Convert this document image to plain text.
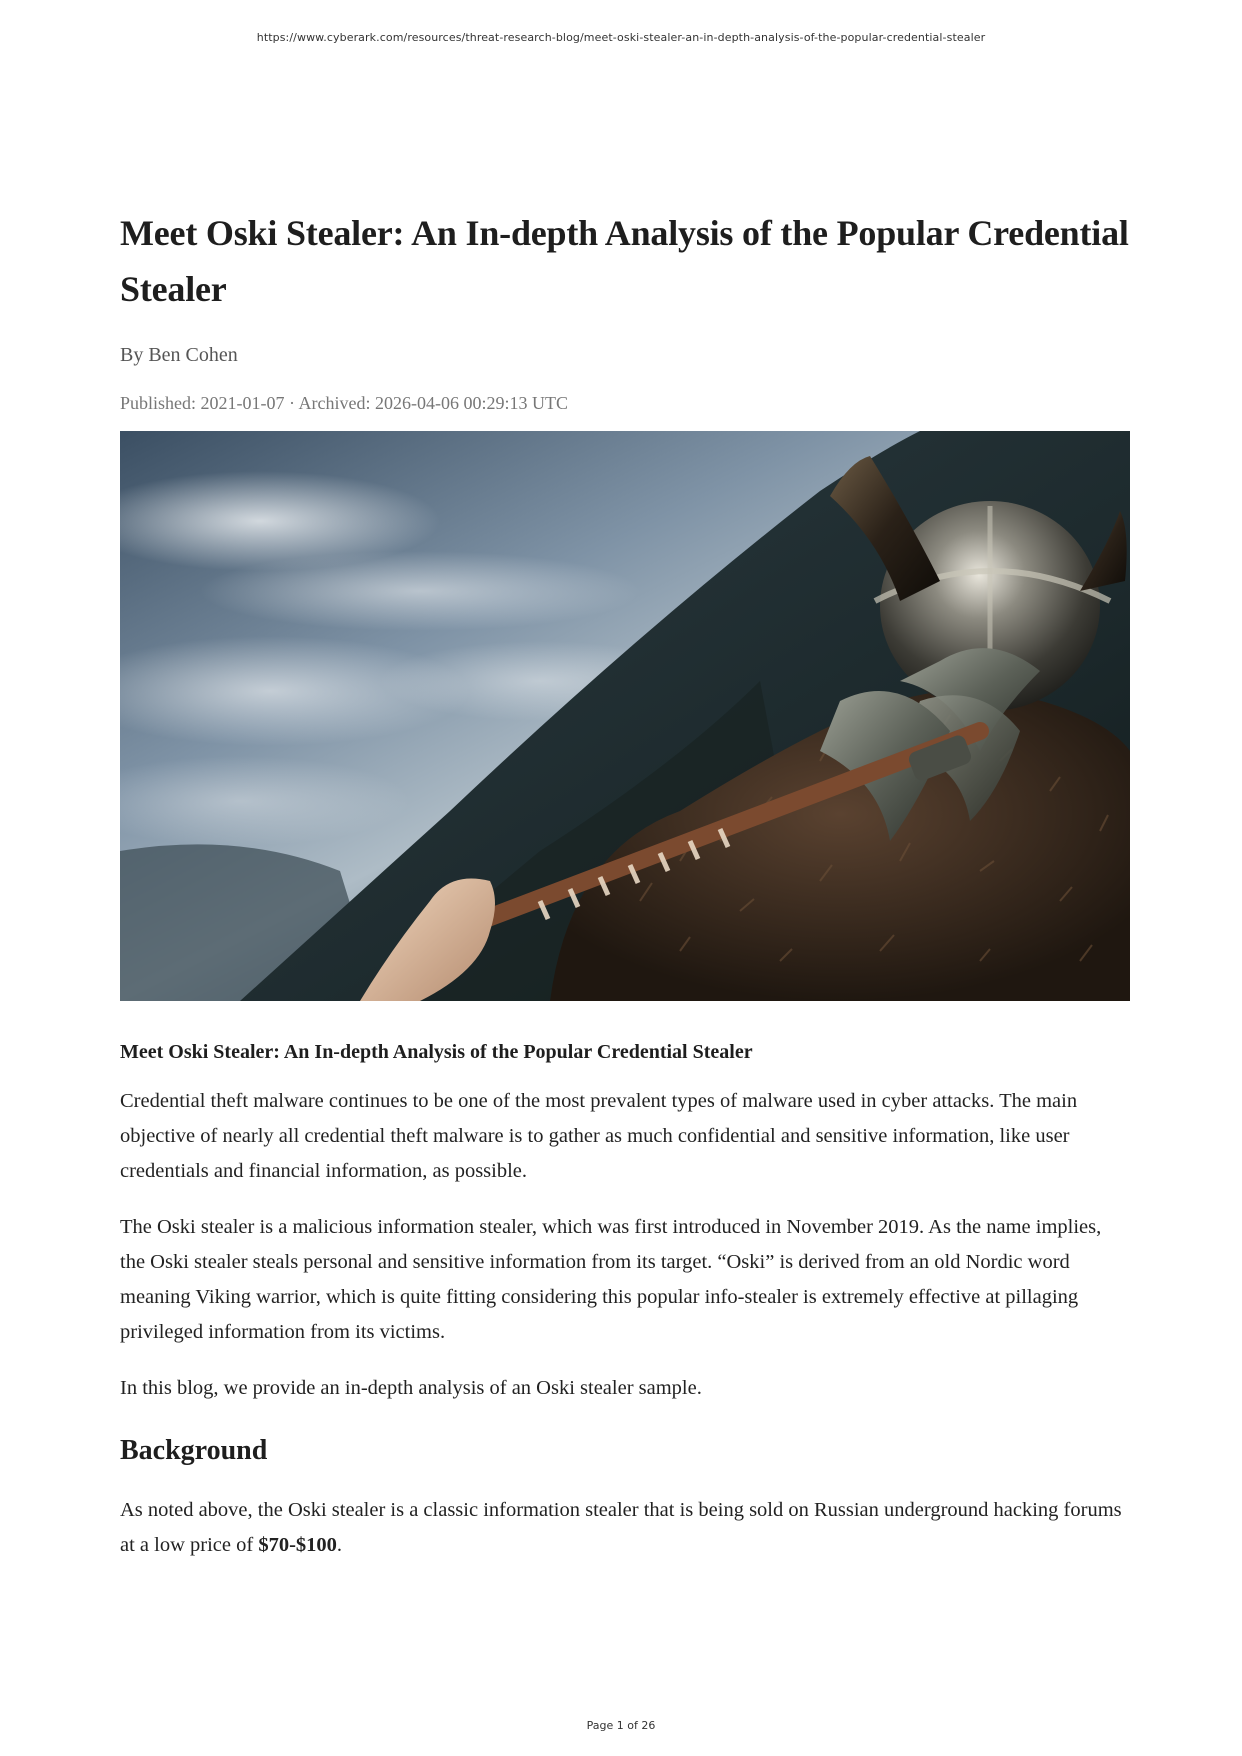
https://www.cyberark.com/resources/threat-research-blog/meet-oski-stealer-an-in-depth-analysis-of-the-popular-credential-stealer
Meet Oski Stealer: An In-depth Analysis of the Popular Credential Stealer
By Ben Cohen
Published: 2021-01-07 · Archived: 2026-04-06 00:29:13 UTC
Meet Oski Stealer: An In-depth Analysis of the Popular Credential Stealer

Credential theft malware continues to be one of the most prevalent types of malware used in cyber attacks. The main objective of nearly all credential theft malware is to gather as much confidential and sensitive information, like user credentials and financial information, as possible.

The Oski stealer is a malicious information stealer, which was first introduced in November 2019. As the name implies, the Oski stealer steals personal and sensitive information from its target. “Oski” is derived from an old Nordic word meaning Viking warrior, which is quite fitting considering this popular info-stealer is extremely effective at pillaging privileged information from its victims.

In this blog, we provide an in-depth analysis of an Oski stealer sample.

Background

As noted above, the Oski stealer is a classic information stealer that is being sold on Russian underground hacking forums at a low price of $70-$100.

Page 1 of 26
